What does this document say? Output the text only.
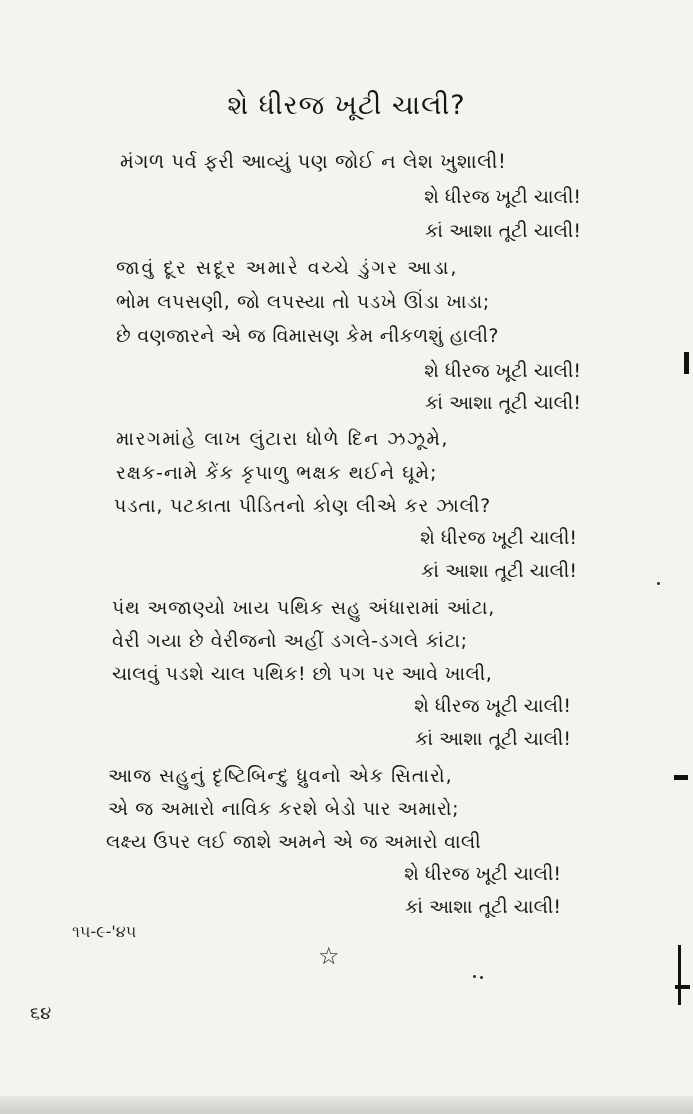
શે ધીરજ ખૂટી ચાલી?
મંગળ પર્વ ફરી આવ્યું પણ જોઈ ન લેશ ખુશાલી!
શે ધીરજ ખૂટી ચાલી!
કાં આશા તૂટી ચાલી!
જાવું દૂર સદૂર અમારે વચ્ચે ડુંગર આડા,
ભોમ લપસણી, જો લપસ્યા તો પડખે ઊંડા ખાડા;
છે વણજારને એ જ વિમાસણ કેમ નીકળશું હાલી?
શે ધીરજ ખૂટી ચાલી!
કાં આશા તૂટી ચાલી!
મારગમાંહે લાખ લુંટારા ધોળે દિન ઝઝૂમે,
રક્ષક-નામે કેંક કૃપાળુ ભક્ષક થઈને ઘૂમે;
પડતા, પટકાતા પીડિતનો કોણ લીએ કર ઝાલી?
શે ધીરજ ખૂટી ચાલી!
કાં આશા તૂટી ચાલી!
પંથ અજાણ્યો ખાય પથિક સહુ અંધારામાં આંટા,
વેરી ગયા છે વેરીજનો અહીં ડગલે-ડગલે કાંટા;
ચાલવું પડશે ચાલ પથિક! છો પગ પર આવે ખાલી,
શે ધીરજ ખૂટી ચાલી!
કાં આશા તૂટી ચાલી!
આજ સહુનું દૃષ્ટિબિન્દુ ધ્રુવનો એક સિતારો,
એ જ અમારો નાવિક કરશે બેડો પાર અમારો;
લક્ષ્ય ઉપર લઈ જાશે અમને એ જ અમારો વાલી
શે ધીરજ ખૂટી ચાલી!
કાં આશા તૂટી ચાલી!
૧૫-૯-'૪૫
☆
૬૪
